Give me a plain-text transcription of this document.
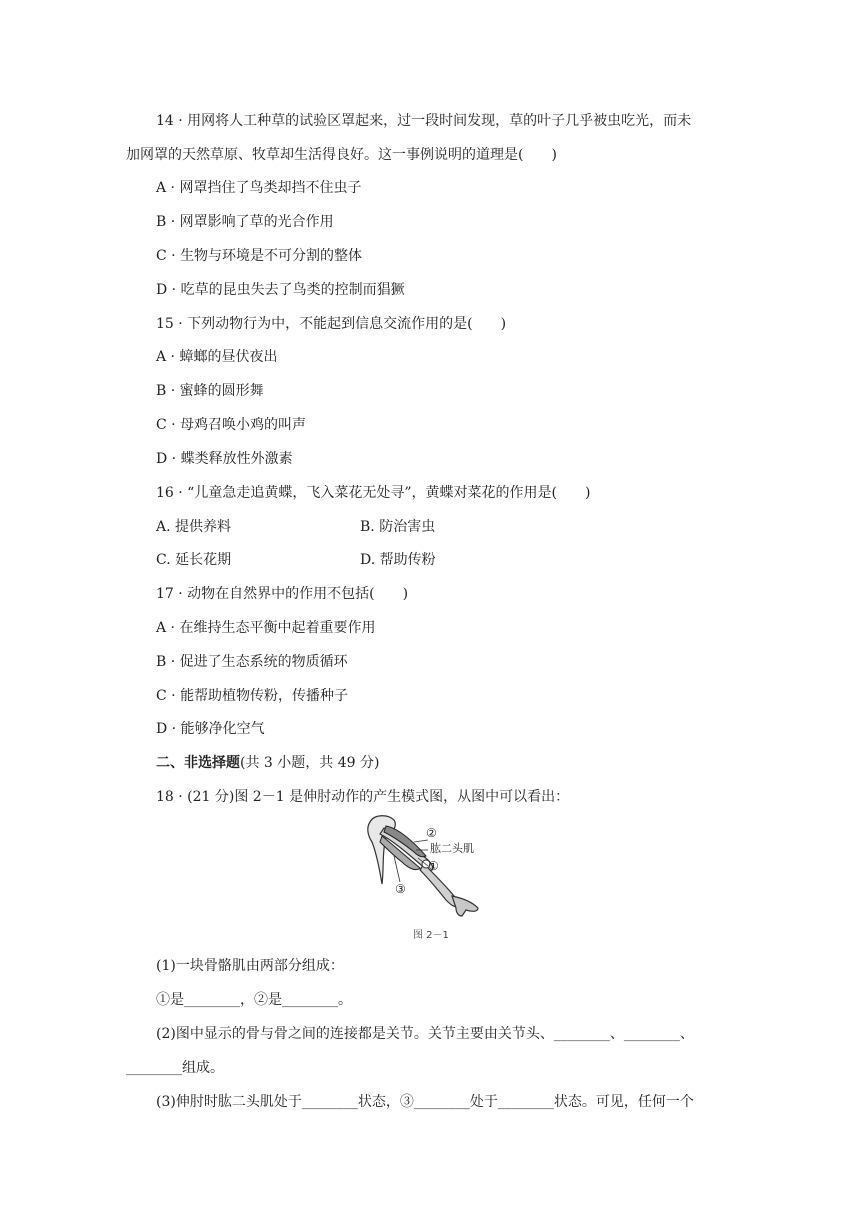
14 · 用网将人工种草的试验区罩起来，过一段时间发现，草的叶子几乎被虫吃光，而未
加网罩的天然草原、牧草却生活得良好。这一事例说明的道理是(　　)
A · 网罩挡住了鸟类却挡不住虫子
B · 网罩影响了草的光合作用
C · 生物与环境是不可分割的整体
D · 吃草的昆虫失去了鸟类的控制而猖獗
15 · 下列动物行为中，不能起到信息交流作用的是(　　)
A · 蟑螂的昼伏夜出
B · 蜜蜂的圆形舞
C · 母鸡召唤小鸡的叫声
D · 蝶类释放性外激素
16 · “儿童急走追黄蝶，飞入菜花无处寻”，黄蝶对菜花的作用是(　　)
A. 提供养料	B. 防治害虫
C. 延长花期	D. 帮助传粉
17 · 动物在自然界中的作用不包括(　　)
A · 在维持生态平衡中起着重要作用
B · 促进了生态系统的物质循环
C · 能帮助植物传粉，传播种子
D · 能够净化空气
二、非选择题(共 3 小题，共 49 分)
18 · (21 分)图 2－1 是伸肘动作的产生模式图，从图中可以看出：
②
肱二头肌
①
③
图 2－1
(1)一块骨骼肌由两部分组成：
①是________，②是________。
(2)图中显示的骨与骨之间的连接都是关节。关节主要由关节头、________、________、
________组成。
(3)伸肘时肱二头肌处于________状态，③________处于________状态。可见，任何一个
